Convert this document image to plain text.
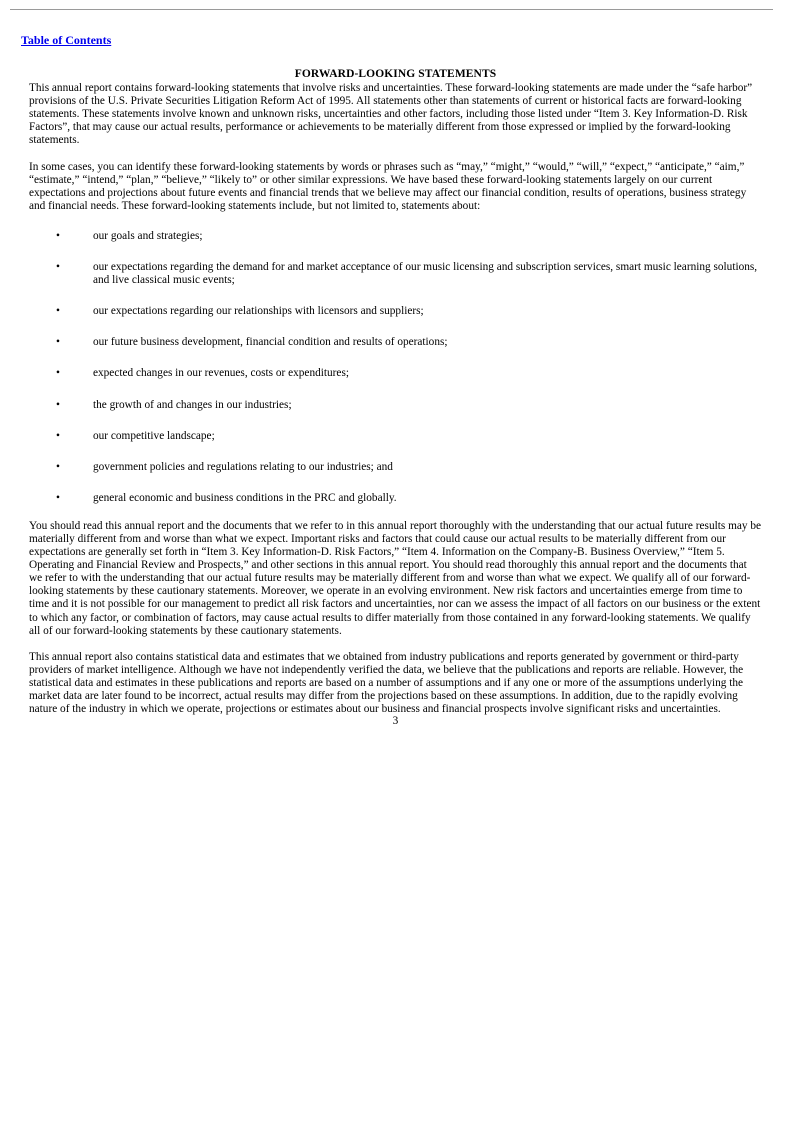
Table of Contents
FORWARD-LOOKING STATEMENTS

This annual report contains forward-looking statements that involve risks and uncertainties. These forward-looking statements are made under the “safe harbor” provisions of the U.S. Private Securities Litigation Reform Act of 1995. All statements other than statements of current or historical facts are forward-looking statements. These statements involve known and unknown risks, uncertainties and other factors, including those listed under “Item 3. Key Information-D. Risk Factors”, that may cause our actual results, performance or achievements to be materially different from those expressed or implied by the forward-looking statements.

In some cases, you can identify these forward-looking statements by words or phrases such as “may,” “might,” “would,” “will,” “expect,” “anticipate,” “aim,” “estimate,” “intend,” “plan,” “believe,” “likely to” or other similar expressions. We have based these forward-looking statements largely on our current expectations and projections about future events and financial trends that we believe may affect our financial condition, results of operations, business strategy and financial needs. These forward-looking statements include, but not limited to, statements about:

•	our goals and strategies;
•	our expectations regarding the demand for and market acceptance of our music licensing and subscription services, smart music learning solutions, and live classical music events;
•	our expectations regarding our relationships with licensors and suppliers;
•	our future business development, financial condition and results of operations;
•	expected changes in our revenues, costs or expenditures;
•	the growth of and changes in our industries;
•	our competitive landscape;
•	government policies and regulations relating to our industries; and
•	general economic and business conditions in the PRC and globally.

You should read this annual report and the documents that we refer to in this annual report thoroughly with the understanding that our actual future results may be materially different from and worse than what we expect. Important risks and factors that could cause our actual results to be materially different from our expectations are generally set forth in “Item 3. Key Information-D. Risk Factors,” “Item 4. Information on the Company-B. Business Overview,” “Item 5. Operating and Financial Review and Prospects,” and other sections in this annual report. You should read thoroughly this annual report and the documents that we refer to with the understanding that our actual future results may be materially different from and worse than what we expect. We qualify all of our forward-looking statements by these cautionary statements. Moreover, we operate in an evolving environment. New risk factors and uncertainties emerge from time to time and it is not possible for our management to predict all risk factors and uncertainties, nor can we assess the impact of all factors on our business or the extent to which any factor, or combination of factors, may cause actual results to differ materially from those contained in any forward-looking statements. We qualify all of our forward-looking statements by these cautionary statements.

This annual report also contains statistical data and estimates that we obtained from industry publications and reports generated by government or third-party providers of market intelligence. Although we have not independently verified the data, we believe that the publications and reports are reliable. However, the statistical data and estimates in these publications and reports are based on a number of assumptions and if any one or more of the assumptions underlying the market data are later found to be incorrect, actual results may differ from the projections based on these assumptions. In addition, due to the rapidly evolving nature of the industry in which we operate, projections or estimates about our business and financial prospects involve significant risks and uncertainties.

3
